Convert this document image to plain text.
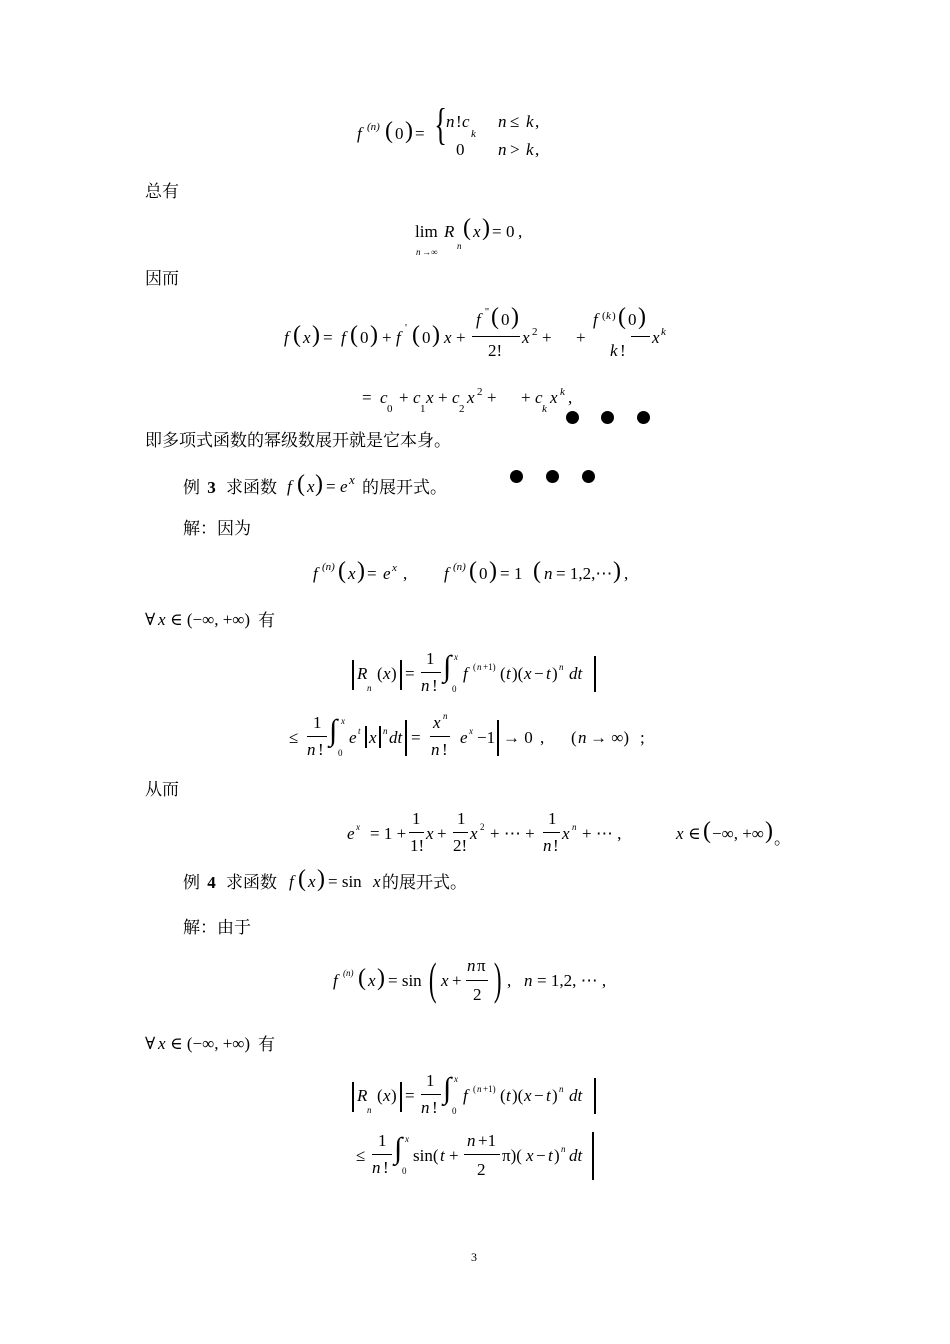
f (n) ( 0 ) = { n ! c
k
n ≤ k ,
0 n > k ,
总有
lim R ( x ) = 0 ,
n →∞
n
因而
f ( x ) = f ( 0 ) + f ' ( 0 ) x +
f '' ( 0 )
2!
x 2 + +
f ( k ) ( 0 )
k !
x k
= c
0
+ c
1
x + c
2
x 2 + + c
k
x k ,
即多项式函数的幂级数展开就是它本身。
例 3 求函数 f ( x ) = e x 的展开式。
解：因为
f (n) ( x ) = e x , f (n) ( 0 ) = 1 ( n = 1,2,⋯ ) ,
∀ x ∈ (−∞, +∞) 有
R
n
( x ) =
1
n !
∫ x
0
f ( n +1) ( t )( x − t ) n dt
≤
1
n !
∫ x
0
e t x n dt =
x n
n !
e x −1 → 0 , ( n → ∞) ;
从而
e x = 1 +
1
1!
x +
1
2!
x 2 + ⋯ +
1
n !
x n + ⋯ ,	x ∈ ( −∞, +∞ ) 。
例 4 求函数 f ( x ) = sin x 的展开式。
解：由于
f (n) ( x ) = sin ( x +
n π
2 ) , n = 1,2, ⋯ ,
∀ x ∈ (−∞, +∞) 有
R
n
( x ) =
1
n !
∫ x
0
f ( n +1) ( t )( x − t ) n dt
≤
1
n !
∫ x
0
sin( t +
n +1
2
π)( x − t ) n dt
3
